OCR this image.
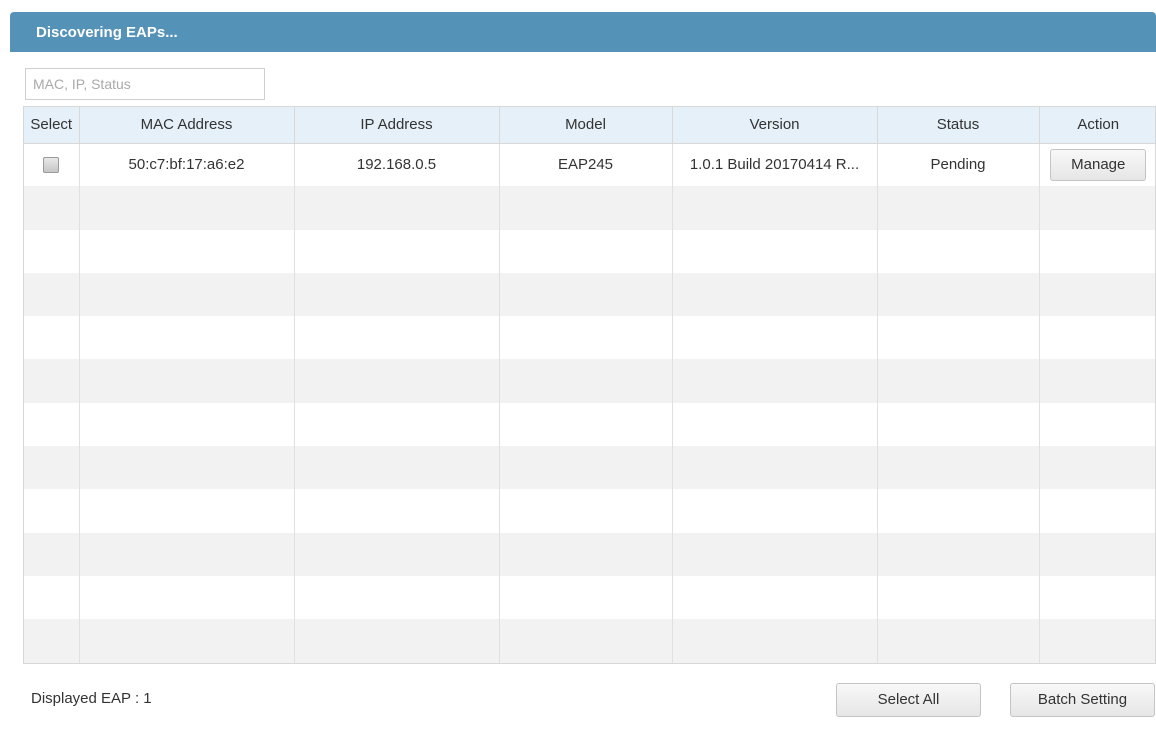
Discovering EAPs...
MAC, IP, Status
Select	MAC Address	IP Address	Model	Version	Status	Action
	50:c7:bf:17:a6:e2	192.168.0.5	EAP245	1.0.1 Build 20170414 R...	Pending	Manage

Displayed EAP : 1	Select All	Batch Setting
